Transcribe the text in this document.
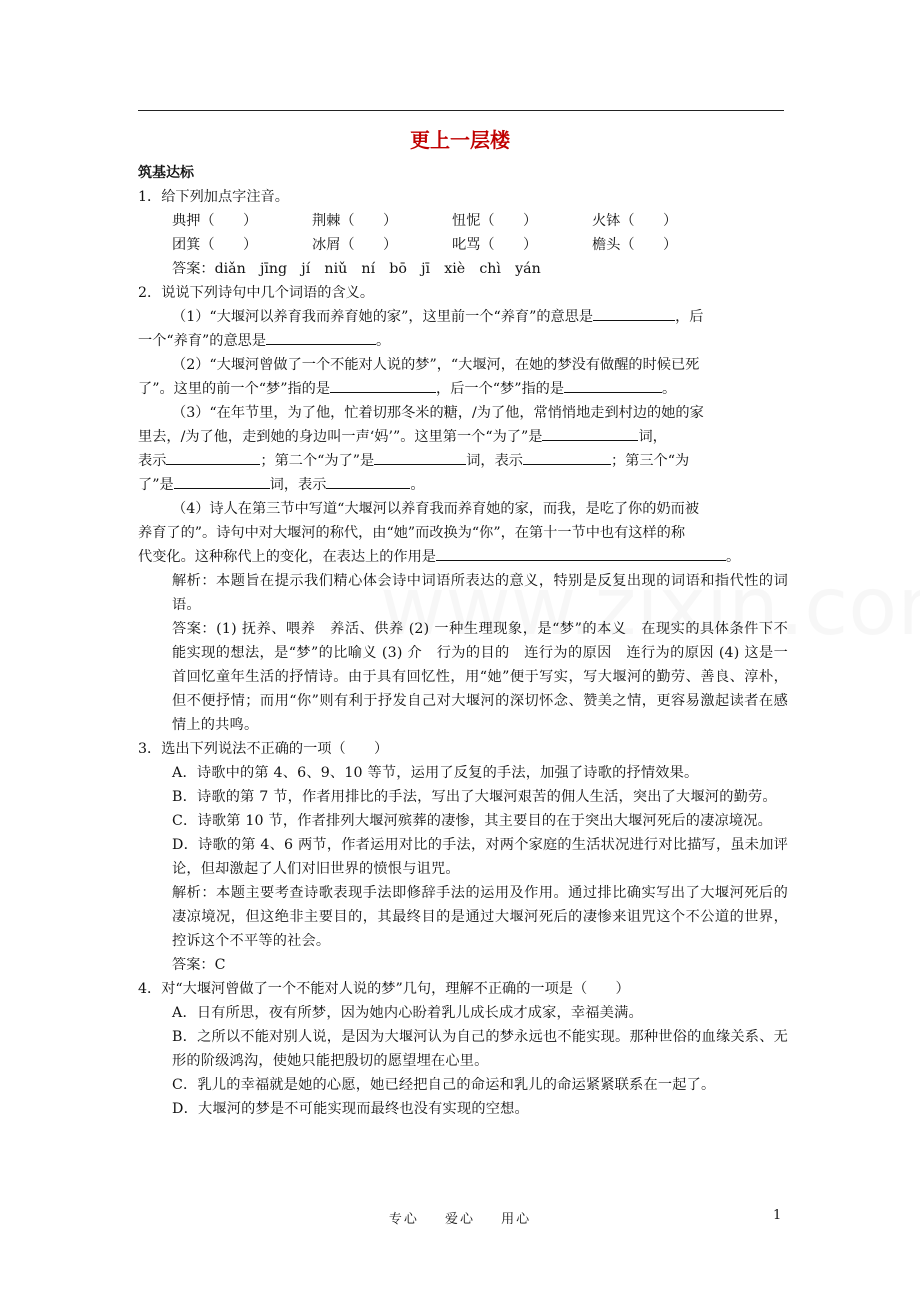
更上一层楼

筑基达标

1．给下列加点字注音。

典押（　　）	荆棘（　　）	忸怩（　　）	火钵（　　）
团箕（　　）	冰屑（　　）	叱骂（　　）	檐头（　　）

答案：diǎn　jīng　jí　niǔ　ní　bō　jī　xiè　chì　yán

2．说说下列诗句中几个词语的含义。

（1）“大堰河以养育我而养育她的家”，这里前一个“养育”的意思是	，后

一个“养育”的意思是	。

（2）“大堰河曾做了一个不能对人说的梦”，“大堰河，在她的梦没有做醒的时候已死

了”。这里的前一个“梦”指的是	，后一个“梦”指的是	。

（3）“在年节里，为了他，忙着切那冬米的糖，/为了他，常悄悄地走到村边的她的家

里去，/为了他，走到她的身边叫一声‘妈’”。这里第一个“为了”是	词，

表示	；第二个“为了”是	词，表示	；第三个“为

了”是	词，表示	。

（4）诗人在第三节中写道“大堰河以养育我而养育她的家，而我，是吃了你的奶而被

养育了的”。诗句中对大堰河的称代，由“她”而改换为“你”，在第十一节中也有这样的称

代变化。这种称代上的变化，在表达上的作用是	。

解析：本题旨在提示我们精心体会诗中词语所表达的意义，特别是反复出现的词语和指代性的词语。

答案：(1) 抚养、喂养　养活、供养 (2) 一种生理现象，是“梦”的本义　在现实的具体条件下不能实现的想法，是“梦”的比喻义 (3) 介　行为的目的　连行为的原因　连行为的原因 (4) 这是一首回忆童年生活的抒情诗。由于具有回忆性，用“她”便于写实，写大堰河的勤劳、善良、淳朴，但不便抒情；而用“你”则有利于抒发自己对大堰河的深切怀念、赞美之情，更容易激起读者在感情上的共鸣。

3．选出下列说法不正确的一项（　　）

A．诗歌中的第 4、6、9、10 等节，运用了反复的手法，加强了诗歌的抒情效果。

B．诗歌的第 7 节，作者用排比的手法，写出了大堰河艰苦的佣人生活，突出了大堰河的勤劳。

C．诗歌第 10 节，作者排列大堰河殡葬的凄惨，其主要目的在于突出大堰河死后的凄凉境况。

D．诗歌的第 4、6 两节，作者运用对比的手法，对两个家庭的生活状况进行对比描写，虽未加评论，但却激起了人们对旧世界的愤恨与诅咒。

解析：本题主要考查诗歌表现手法即修辞手法的运用及作用。通过排比确实写出了大堰河死后的凄凉境况，但这绝非主要目的，其最终目的是通过大堰河死后的凄惨来诅咒这个不公道的世界，控诉这个不平等的社会。

答案：C

4．对“大堰河曾做了一个不能对人说的梦”几句，理解不正确的一项是（　　）

A．日有所思，夜有所梦，因为她内心盼着乳儿成长成才成家，幸福美满。

B．之所以不能对别人说，是因为大堰河认为自己的梦永远也不能实现。那种世俗的血缘关系、无形的阶级鸿沟，使她只能把殷切的愿望埋在心里。

C．乳儿的幸福就是她的心愿，她已经把自己的命运和乳儿的命运紧紧联系在一起了。

D．大堰河的梦是不可能实现而最终也没有实现的空想。

专心 爱心 用心	1
